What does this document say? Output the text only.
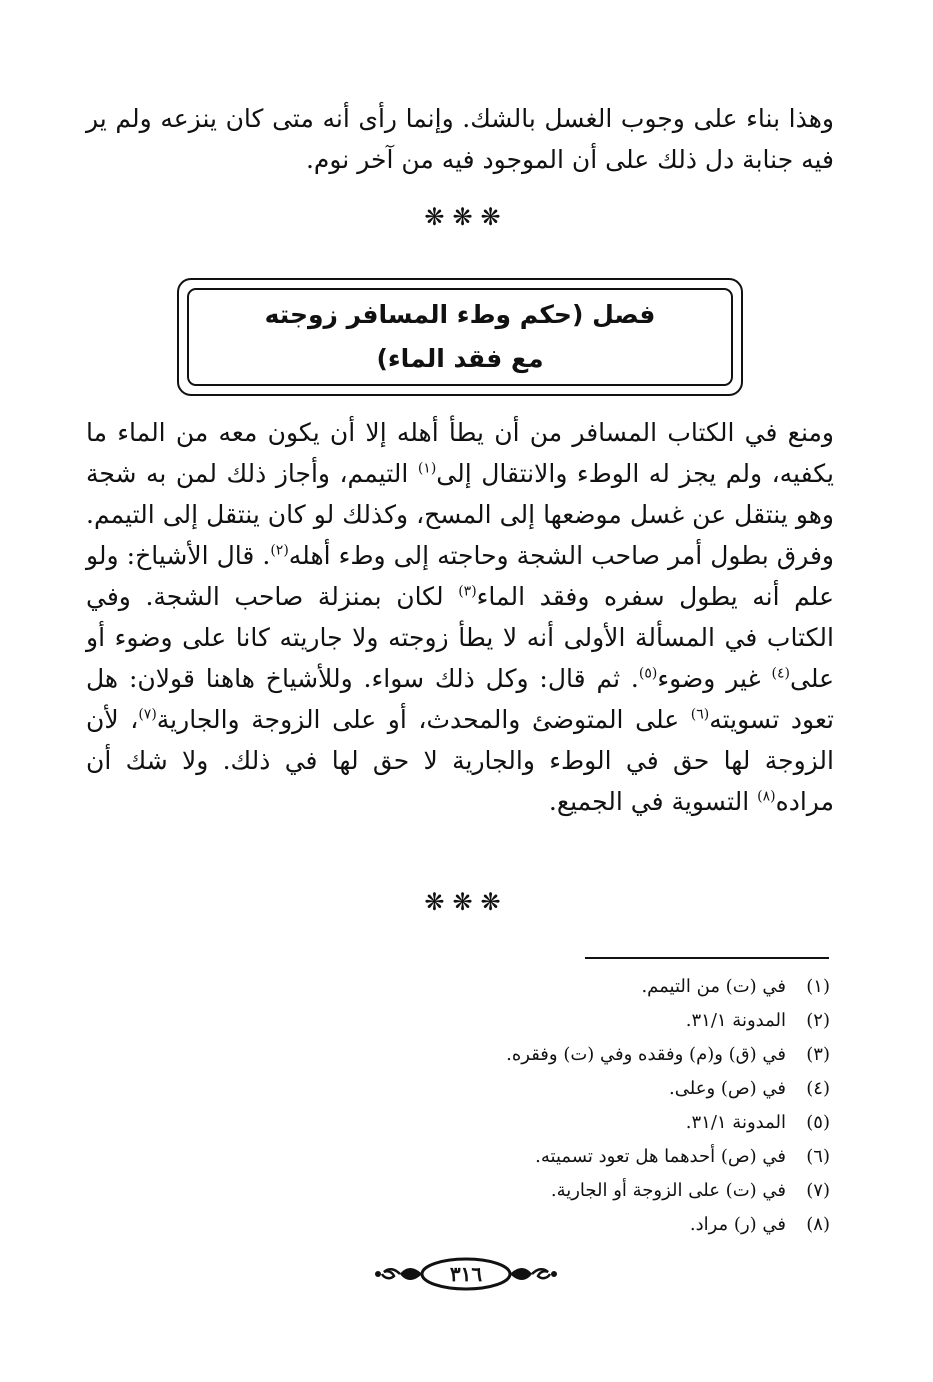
وهذا بناء على وجوب الغسل بالشك. وإنما رأى أنه متى كان ينزعه ولم ير فيه جنابة دل ذلك على أن الموجود فيه من آخر نوم.

❋❋❋
فصل (حكم وطء المسافر زوجته
مع فقد الماء)

ومنع في الكتاب المسافر من أن يطأ أهله إلا أن يكون معه من الماء ما يكفيه، ولم يجز له الوطء والانتقال إلى$^{(١)}$ التيمم، وأجاز ذلك لمن به شجة وهو ينتقل عن غسل موضعها إلى المسح، وكذلك لو كان ينتقل إلى التيمم. وفرق بطول أمر صاحب الشجة وحاجته إلى وطء أهله$^{(٢)}$. قال الأشياخ: ولو علم أنه يطول سفره وفقد الماء$^{(٣)}$ لكان بمنزلة صاحب الشجة. وفي الكتاب في المسألة الأولى أنه لا يطأ زوجته ولا جاريته كانا على وضوء أو على$^{(٤)}$ غير وضوء$^{(٥)}$. ثم قال: وكل ذلك سواء. وللأشياخ هاهنا قولان: هل تعود تسويته$^{(٦)}$ على المتوضئ والمحدث، أو على الزوجة والجارية$^{(٧)}$، لأن الزوجة لها حق في الوطء والجارية لا حق لها في ذلك. ولا شك أن مراده$^{(٨)}$ التسوية في الجميع.

❋❋❋
(١)
في (ت) من التيمم.
(٢)
المدونة ٣١/١.
(٣)
في (ق) و(م) وفقده وفي (ت) وفقره.
(٤)
في (ص) وعلى.
(٥)
المدونة ٣١/١.
(٦)
في (ص) أحدهما هل تعود تسميته.
(٧)
في (ت) على الزوجة أو الجارية.
(٨)
في (ر) مراد.
٣١٦
